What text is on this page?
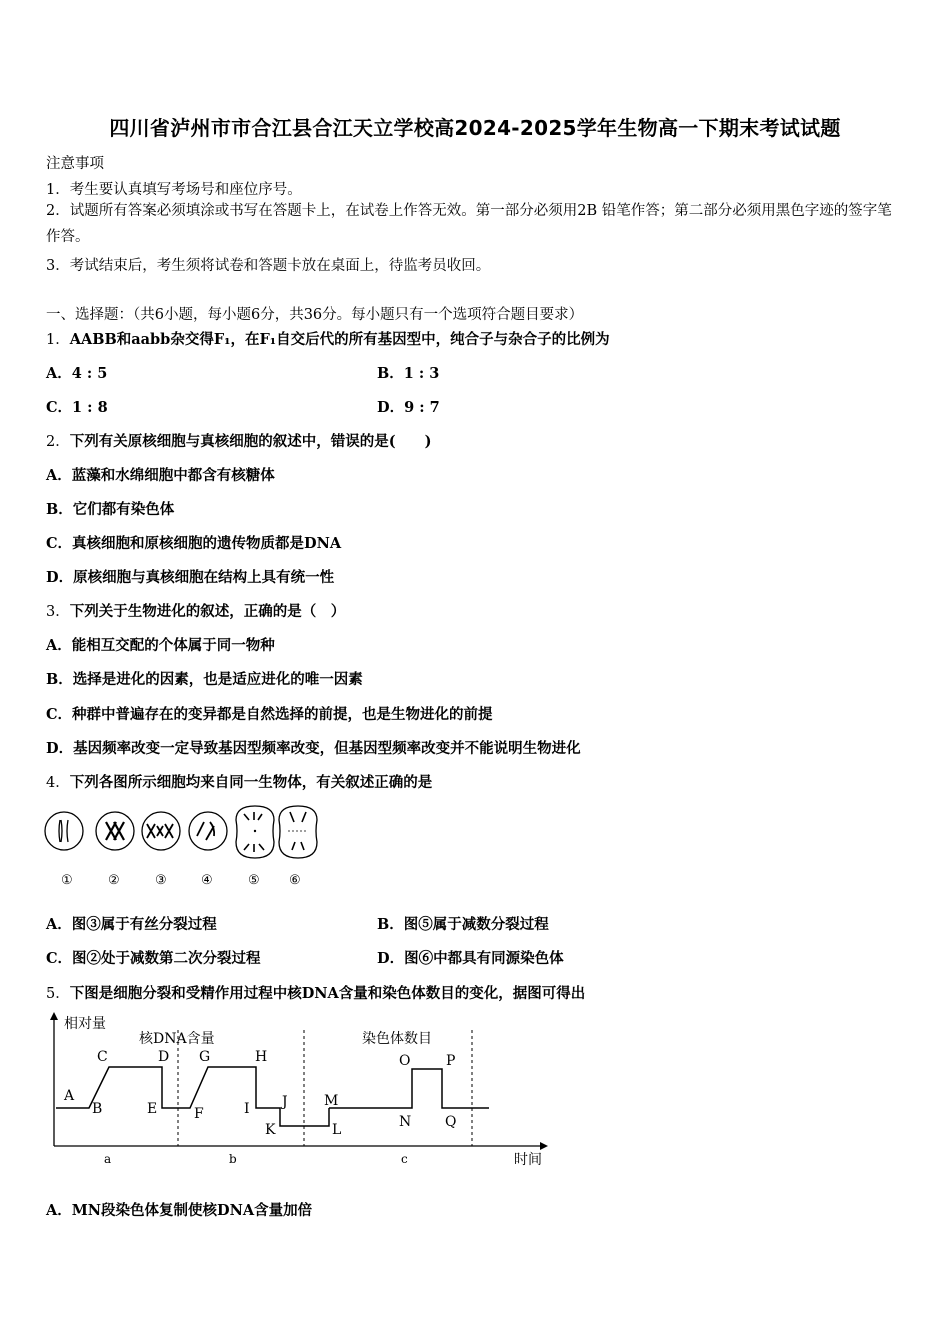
四川省泸州市市合江县合江天立学校高2024-2025学年生物高一下期末考试试题
注意事项
1．考生要认真填写考场号和座位序号。
2．试题所有答案必须填涂或书写在答题卡上，在试卷上作答无效。第一部分必须用2B 铅笔作答；第二部分必须用黑色字迹的签字笔作答。
3．考试结束后，考生须将试卷和答题卡放在桌面上，待监考员收回。
一、选择题：（共6小题，每小题6分，共36分。每小题只有一个选项符合题目要求）
1．AABB和aabb杂交得F₁，在F₁自交后代的所有基因型中，纯合子与杂合子的比例为
A．4 : 5	B．1 : 3
C．1 : 8	D．9 : 7
2．下列有关原核细胞与真核细胞的叙述中，错误的是(　　)
A．蓝藻和水绵细胞中都含有核糖体
B．它们都有染色体
C．真核细胞和原核细胞的遗传物质都是DNA
D．原核细胞与真核细胞在结构上具有统一性
3．下列关于生物进化的叙述，正确的是（　）
A．能相互交配的个体属于同一物种
B．选择是进化的因素，也是适应进化的唯一因素
C．种群中普遍存在的变异都是自然选择的前提，也是生物进化的前提
D．基因频率改变一定导致基因型频率改变，但基因型频率改变并不能说明生物进化
4．下列各图所示细胞均来自同一生物体，有关叙述正确的是
①	②	③	④	⑤ ⑥
A．图③属于有丝分裂过程	B．图⑤属于减数分裂过程
C．图②处于减数第二次分裂过程	D．图⑥中都具有同源染色体
5．下图是细胞分裂和受精作用过程中核DNA含量和染色体数目的变化，据图可得出
相对量
时间
核DNA含量	染色体数目
a	b	c
A
B
C	D
E	F
G	H
I J
K	L
M
N
O	P
Q
A．MN段染色体复制使核DNA含量加倍
